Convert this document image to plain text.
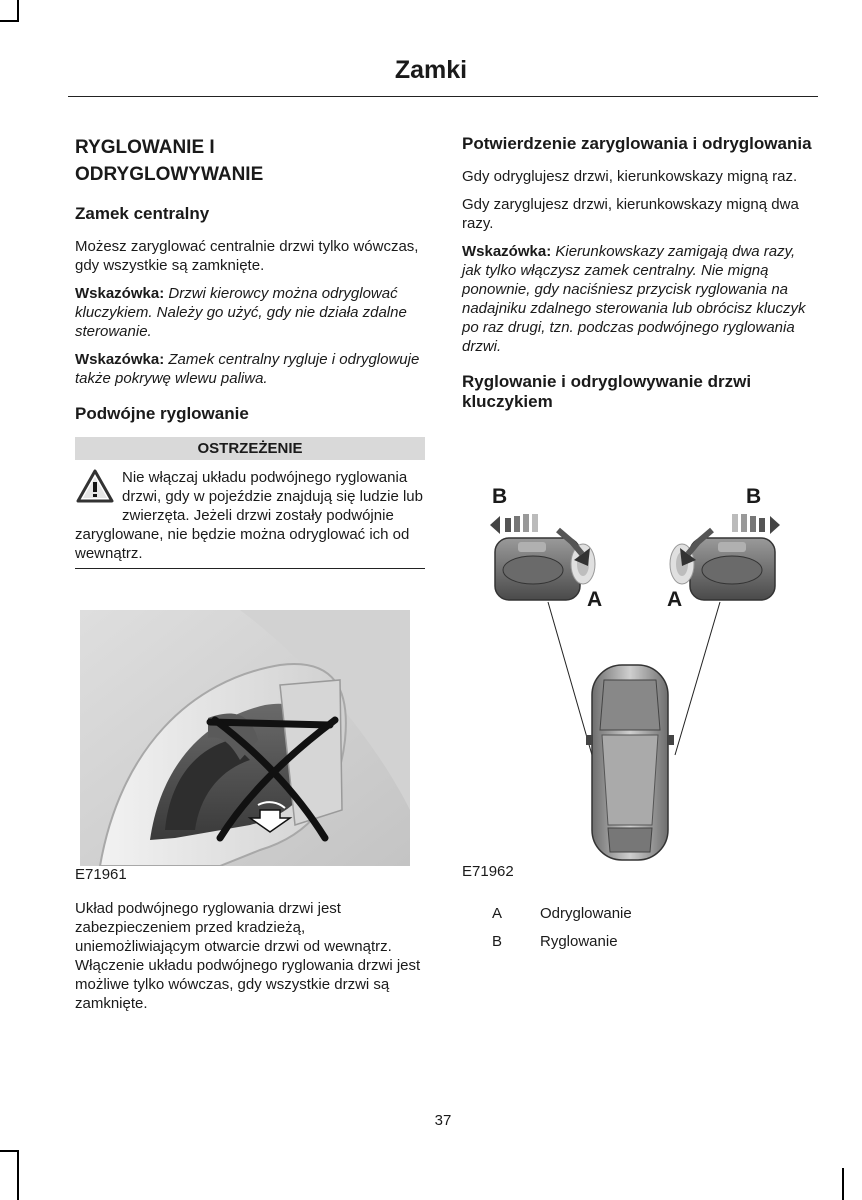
Zamki

RYGLOWANIE I

ODRYGLOWYWANIE

Zamek centralny

Możesz zaryglować centralnie drzwi tylko wówczas, gdy wszystkie są zamknięte.

Wskazówka: Drzwi kierowcy można odryglować kluczykiem. Należy go użyć, gdy nie działa zdalne sterowanie.

Wskazówka: Zamek centralny rygluje i odryglowuje także pokrywę wlewu paliwa.

Podwójne ryglowanie

OSTRZEŻENIE
Nie włączaj układu podwójnego ryglowania drzwi, gdy w pojeździe znajdują się ludzie lub zwierzęta. Jeżeli drzwi zostały podwójnie zaryglowane, nie będzie można odryglować ich od wewnątrz.
E71961
Układ podwójnego ryglowania drzwi jest zabezpieczeniem przed kradzieżą, uniemożliwiającym otwarcie drzwi od wewnątrz. Włączenie układu podwójnego ryglowania drzwi jest możliwe tylko wówczas, gdy wszystkie drzwi są zamknięte.

Potwierdzenie zaryglowania i odryglowania

Gdy odryglujesz drzwi, kierunkowskazy migną raz.

Gdy zaryglujesz drzwi, kierunkowskazy migną dwa razy.

Wskazówka: Kierunkowskazy zamigają dwa razy, jak tylko włączysz zamek centralny. Nie migną ponownie, gdy naciśniesz przycisk ryglowania na nadajniku zdalnego sterowania lub obrócisz kluczyk po raz drugi, tzn. podczas podwójnego ryglowania drzwi.

Ryglowanie i odryglowywanie drzwi kluczykiem

B	B
A	A
E71962
A	Odryglowanie
B	Ryglowanie
37
